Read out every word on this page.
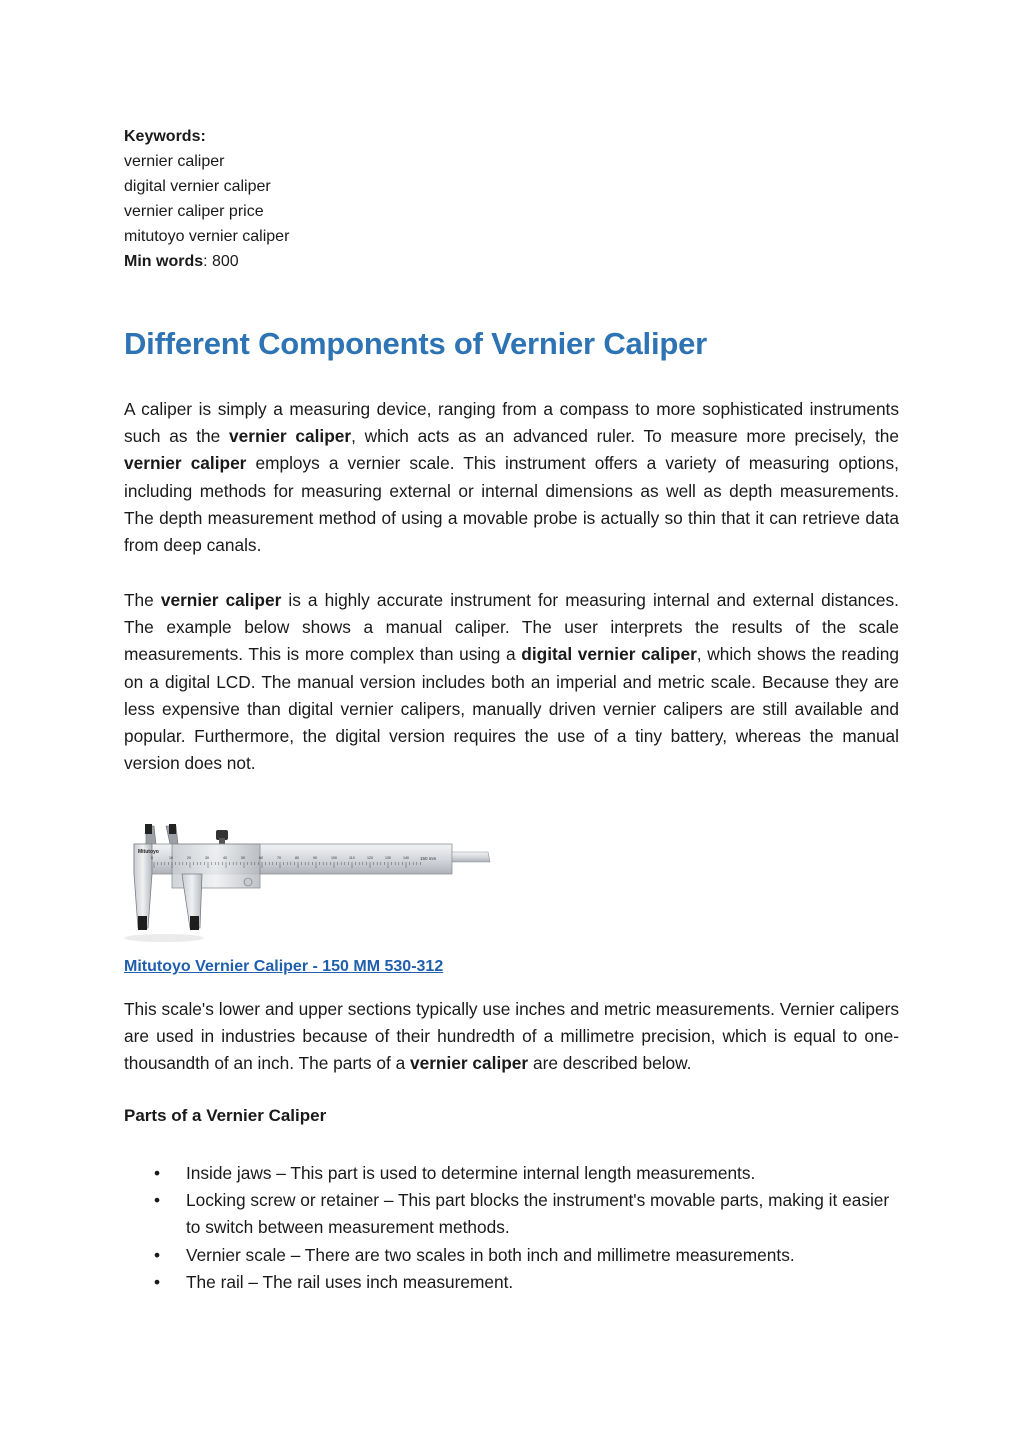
Keywords:
vernier caliper
digital vernier caliper
vernier caliper price
mitutoyo vernier caliper
Min words: 800
Different Components of Vernier Caliper

A caliper is simply a measuring device, ranging from a compass to more sophisticated instruments such as the vernier caliper, which acts as an advanced ruler. To measure more precisely, the vernier caliper employs a vernier scale. This instrument offers a variety of measuring options, including methods for measuring external or internal dimensions as well as depth measurements. The depth measurement method of using a movable probe is actually so thin that it can retrieve data from deep canals.

The vernier caliper is a highly accurate instrument for measuring internal and external distances. The example below shows a manual caliper. The user interprets the results of the scale measurements. This is more complex than using a digital vernier caliper, which shows the reading on a digital LCD. The manual version includes both an imperial and metric scale. Because they are less expensive than digital vernier calipers, manually driven vernier calipers are still available and popular. Furthermore, the digital version requires the use of a tiny battery, whereas the manual version does not.

0	10	20	30	40	50	60	70	80	90	100	110	120	130	140
Mitutoyo
150 mm
Mitutoyo Vernier Caliper - 150 MM 530-312

This scale's lower and upper sections typically use inches and metric measurements. Vernier calipers are used in industries because of their hundredth of a millimetre precision, which is equal to one-thousandth of an inch. The parts of a vernier caliper are described below.

Parts of a Vernier Caliper
• Inside jaws – This part is used to determine internal length measurements.
• Locking screw or retainer – This part blocks the instrument's movable parts, making it easier to switch between measurement methods.
• Vernier scale – There are two scales in both inch and millimetre measurements.
• The rail – The rail uses inch measurement.
